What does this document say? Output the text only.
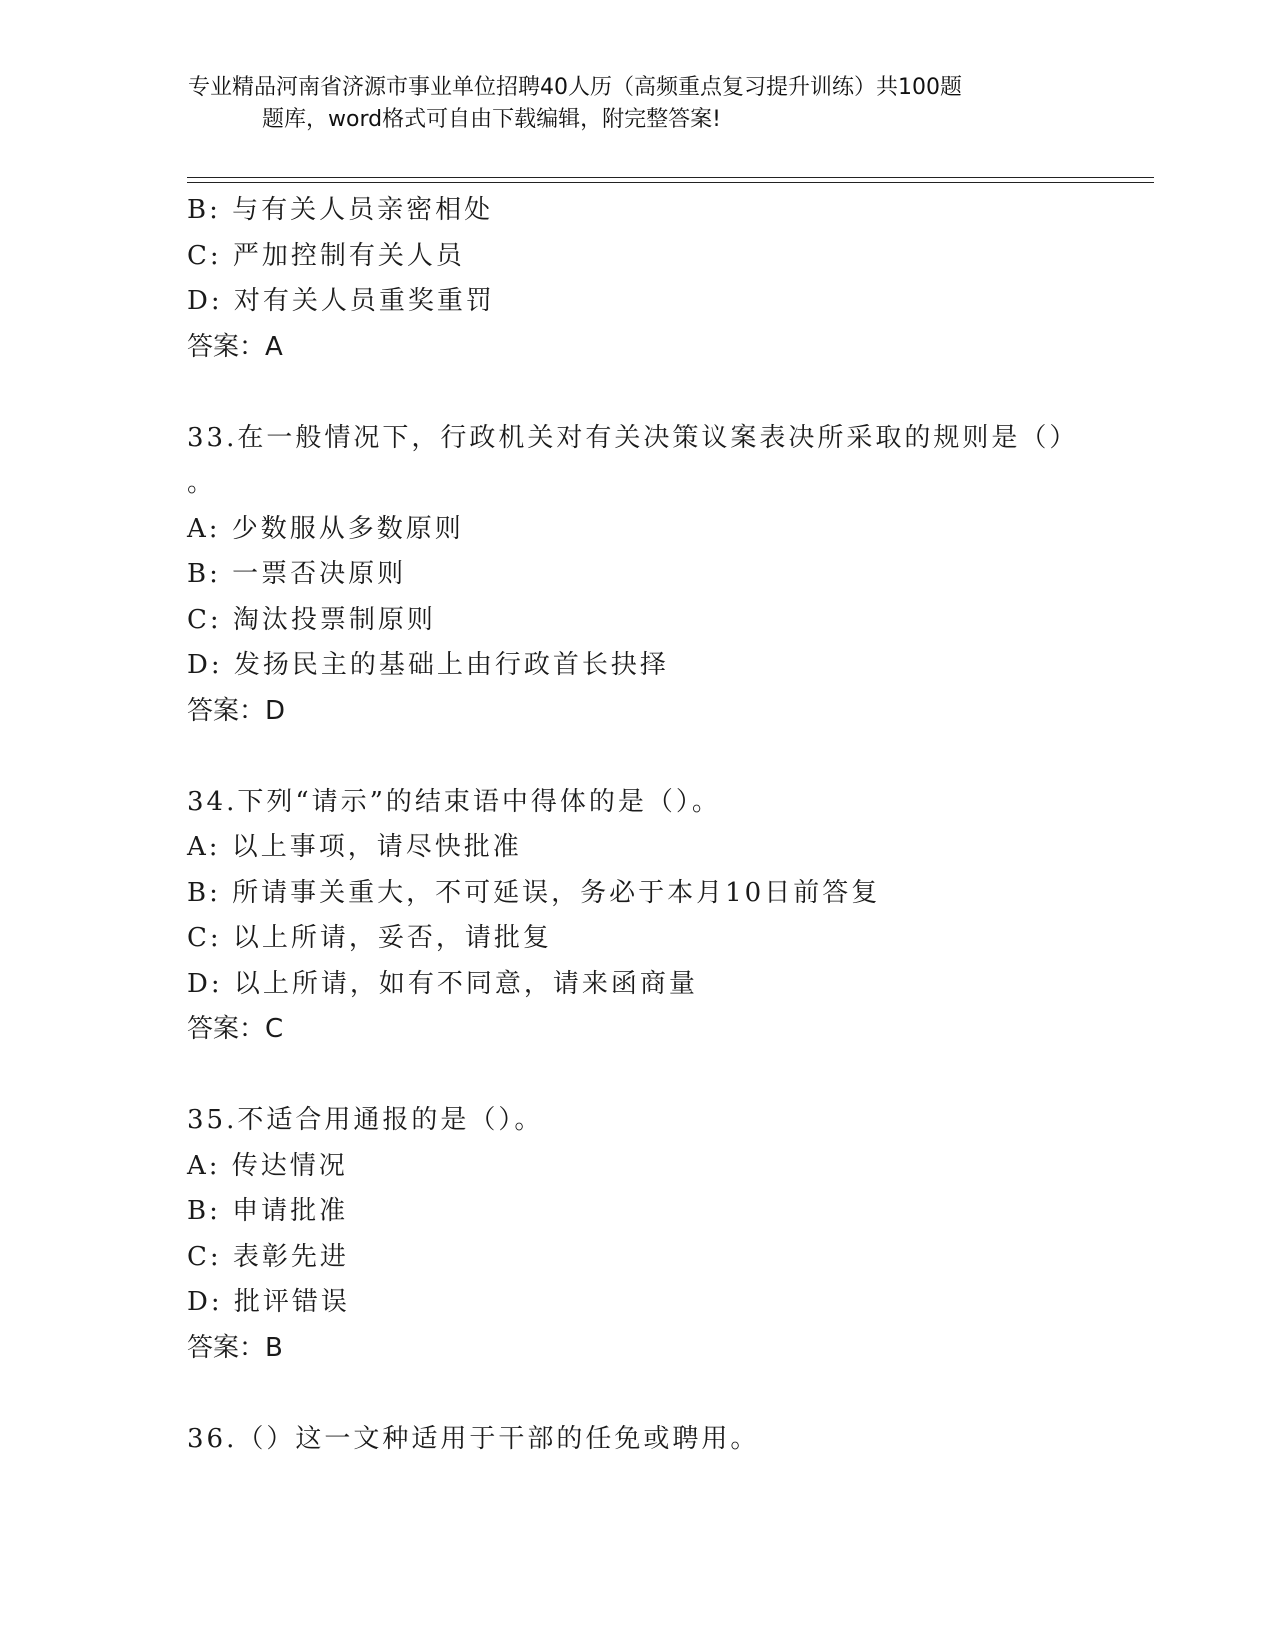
专业精品河南省济源市事业单位招聘40人历（高频重点复习提升训练）共100题
题库，word格式可自由下载编辑，附完整答案!
B: 与有关人员亲密相处
C: 严加控制有关人员
D: 对有关人员重奖重罚
答案：A
33.在一般情况下，行政机关对有关决策议案表决所采取的规则是（）
。
A: 少数服从多数原则
B: 一票否决原则
C: 淘汰投票制原则
D: 发扬民主的基础上由行政首长抉择
答案：D
34.下列“请示”的结束语中得体的是（）。
A: 以上事项，请尽快批准
B: 所请事关重大，不可延误，务必于本月10日前答复
C: 以上所请，妥否，请批复
D: 以上所请，如有不同意，请来函商量
答案：C
35.不适合用通报的是（）。
A: 传达情况
B: 申请批准
C: 表彰先进
D: 批评错误
答案：B
36.（）这一文种适用于干部的任免或聘用。
